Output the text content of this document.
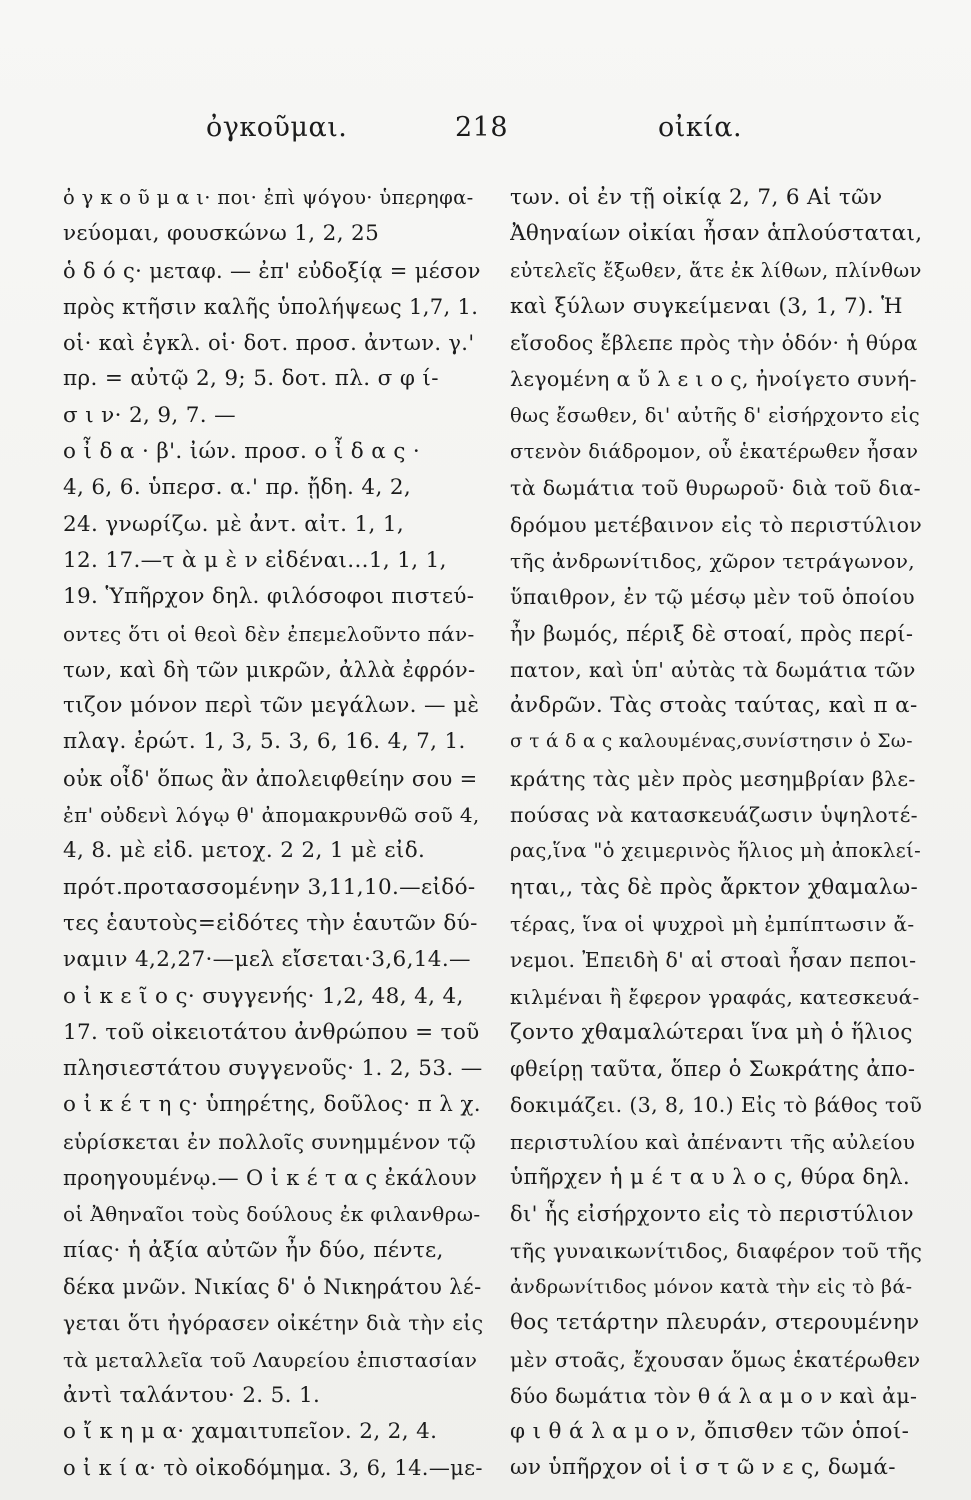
ὀγκοῦμαι.	218	οἰκία.
ὀ γ κ ο ῦ μ α ι· ποι· ἐπὶ ψόγου· ὑπερηφα-
νεύομαι, φουσκώνω 1, 2, 25
ὁ δ ό ς· μεταφ. — ἐπ' εὐδοξίᾳ = μέσον
πρὸς κτῆσιν καλῆς ὑπολήψεως 1,7, 1.
οἱ· καὶ ἐγκλ. οἱ· δοτ. προσ. ἀντων. γ.'
πρ. = αὐτῷ 2, 9; 5. δοτ. πλ. σ φ ί-
σ ι ν· 2, 9, 7. —
ο ἶ δ α · β'. ἰών. προσ. ο ἶ δ α ς ·
4, 6, 6. ὑπερσ. α.' πρ. ᾔδη. 4, 2,
24. γνωρίζω. μὲ ἀντ. αἰτ. 1, 1,
12. 17.—τ ὰ μ ὲ ν εἰδέναι...1, 1, 1,
19. Ὑπῆρχον δηλ. φιλόσοφοι πιστεύ-
οντες ὅτι οἱ θεοὶ δὲν ἐπεμελοῦντο πάν-
των, καὶ δὴ τῶν μικρῶν, ἀλλὰ ἐφρόν-
τιζον μόνον περὶ τῶν μεγάλων. — μὲ
πλαγ. ἐρώτ. 1, 3, 5. 3, 6, 16. 4, 7, 1.
οὐκ οἶδ' ὅπως ἂν ἀπολειφθείην σου =
ἐπ' οὐδενὶ λόγῳ θ' ἀπομακρυνθῶ σοῦ 4,
4, 8. μὲ εἰδ. μετοχ. 2 2, 1 μὲ εἰδ.
πρότ.προτασσομένην 3,11,10.—εἰδό-
τες ἑαυτοὺς=εἰδότες τὴν ἑαυτῶν δύ-
ναμιν 4,2,27·—μελ εἴσεται·3,6,14.—
ο ἰ κ ε ῖ ο ς· συγγενής· 1,2, 48, 4, 4,
17. τοῦ οἰκειοτάτου ἀνθρώπου = τοῦ
πλησιεστάτου συγγενοῦς· 1. 2, 53. —
ο ἰ κ έ τ η ς· ὑπηρέτης, δοῦλος· π λ χ.
εὑρίσκεται ἐν πολλοῖς συνημμένον τῷ
προηγουμένῳ.— Ο ἰ κ έ τ α ς ἐκάλουν
οἱ Ἀθηναῖοι τοὺς δούλους ἐκ φιλανθρω-
πίας· ἡ ἀξία αὐτῶν ἦν δύο, πέντε,
δέκα μνῶν. Νικίας δ' ὁ Νικηράτου λέ-
γεται ὅτι ἠγόρασεν οἰκέτην διὰ τὴν εἰς
τὰ μεταλλεῖα τοῦ Λαυρείου ἐπιστασίαν
ἀντὶ ταλάντου· 2. 5. 1.
ο ἴ κ η μ α· χαμαιτυπεῖον. 2, 2, 4.
ο ἰ κ ί α· τὸ οἰκοδόμημα. 3, 6, 14.—με-
των. οἱ ἐν τῇ οἰκίᾳ 2, 7, 6 Αἱ τῶν
Ἀθηναίων οἰκίαι ἦσαν ἁπλούσταται,
εὐτελεῖς ἔξωθεν, ἅτε ἐκ λίθων, πλίνθων
καὶ ξύλων συγκείμεναι (3, 1, 7). Ἡ
εἴσοδος ἔβλεπε πρὸς τὴν ὁδόν· ἡ θύρα
λεγομένη α ὔ λ ε ι ο ς, ἠνοίγετο συνή-
θως ἔσωθεν, δι' αὐτῆς δ' εἰσήρχοντο εἰς
στενὸν διάδρομον, οὗ ἑκατέρωθεν ἦσαν
τὰ δωμάτια τοῦ θυρωροῦ· διὰ τοῦ δια-
δρόμου μετέβαινον εἰς τὸ περιστύλιον
τῆς ἀνδρωνίτιδος, χῶρον τετράγωνον,
ὕπαιθρον, ἐν τῷ μέσῳ μὲν τοῦ ὁποίου
ἦν βωμός, πέριξ δὲ στοαί, πρὸς περί-
πατον, καὶ ὑπ' αὐτὰς τὰ δωμάτια τῶν
ἀνδρῶν. Τὰς στοὰς ταύτας, καὶ π α-
σ τ ά δ α ς καλουμένας,συνίστησιν ὁ Σω-
κράτης τὰς μὲν πρὸς μεσημβρίαν βλε-
πούσας νὰ κατασκευάζωσιν ὑψηλοτέ-
ρας,ἵνα "ὁ χειμερινὸς ἥλιος μὴ ἀποκλεί-
ηται,, τὰς δὲ πρὸς ἄρκτον χθαμαλω-
τέρας, ἵνα οἱ ψυχροὶ μὴ ἐμπίπτωσιν ἄ-
νεμοι. Ἐπειδὴ δ' αἱ στοαὶ ἦσαν πεποι-
κιλμέναι ἢ ἔφερον γραφάς, κατεσκευά-
ζοντο χθαμαλώτεραι ἵνα μὴ ὁ ἥλιος
φθείρῃ ταῦτα, ὅπερ ὁ Σωκράτης ἀπο-
δοκιμάζει. (3, 8, 10.) Εἰς τὸ βάθος τοῦ
περιστυλίου καὶ ἀπέναντι τῆς αὐλείου
ὑπῆρχεν ἡ μ έ τ α υ λ ο ς, θύρα δηλ.
δι' ἧς εἰσήρχοντο εἰς τὸ περιστύλιον
τῆς γυναικωνίτιδος, διαφέρον τοῦ τῆς
ἀνδρωνίτιδος μόνον κατὰ τὴν εἰς τὸ βά-
θος τετάρτην πλευράν, στερουμένην
μὲν στοᾶς, ἔχουσαν ὅμως ἑκατέρωθεν
δύο δωμάτια τὸν θ ά λ α μ ο ν καὶ ἀμ-
φ ι θ ά λ α μ ο ν, ὄπισθεν τῶν ὁποί-
ων ὑπῆρχον οἱ ἱ σ τ ῶ ν ε ς, δωμά-
